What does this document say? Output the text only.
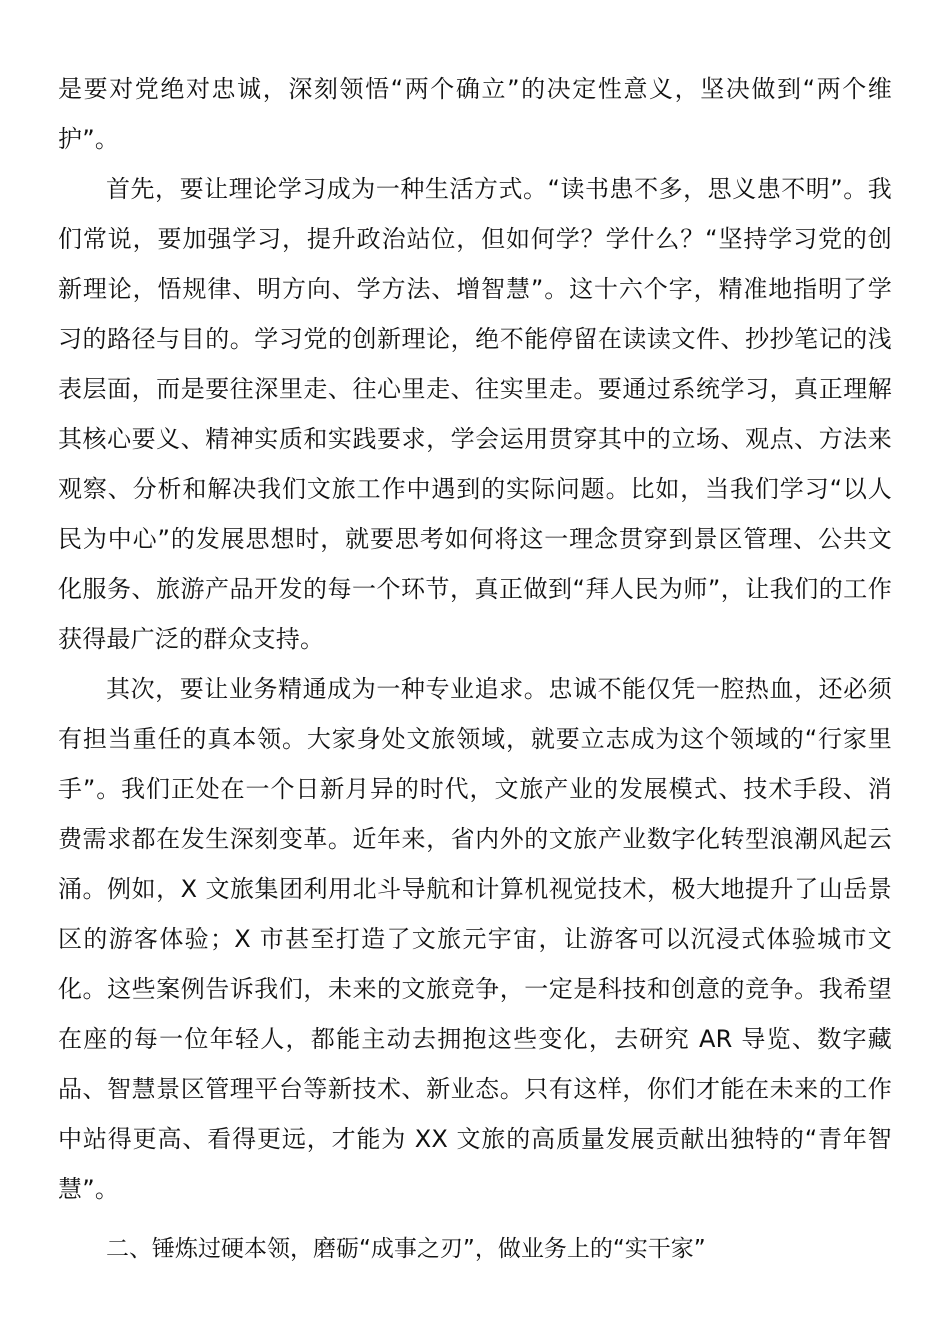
是要对党绝对忠诚，深刻领悟“两个确立”的决定性意义，坚决做到“两个维护”。

首先，要让理论学习成为一种生活方式。“读书患不多，思义患不明”。我们常说，要加强学习，提升政治站位，但如何学？学什么？“坚持学习党的创新理论，悟规律、明方向、学方法、增智慧”。这十六个字，精准地指明了学习的路径与目的。学习党的创新理论，绝不能停留在读读文件、抄抄笔记的浅表层面，而是要往深里走、往心里走、往实里走。要通过系统学习，真正理解其核心要义、精神实质和实践要求，学会运用贯穿其中的立场、观点、方法来观察、分析和解决我们文旅工作中遇到的实际问题。比如，当我们学习“以人民为中心”的发展思想时，就要思考如何将这一理念贯穿到景区管理、公共文化服务、旅游产品开发的每一个环节，真正做到“拜人民为师”，让我们的工作获得最广泛的群众支持。

其次，要让业务精通成为一种专业追求。忠诚不能仅凭一腔热血，还必须有担当重任的真本领。大家身处文旅领域，就要立志成为这个领域的“行家里手”。我们正处在一个日新月异的时代，文旅产业的发展模式、技术手段、消费需求都在发生深刻变革。近年来，省内外的文旅产业数字化转型浪潮风起云涌。例如，X 文旅集团利用北斗导航和计算机视觉技术，极大地提升了山岳景区的游客体验；X 市甚至打造了文旅元宇宙，让游客可以沉浸式体验城市文化。这些案例告诉我们，未来的文旅竞争，一定是科技和创意的竞争。我希望在座的每一位年轻人，都能主动去拥抱这些变化，去研究 AR 导览、数字藏品、智慧景区管理平台等新技术、新业态。只有这样，你们才能在未来的工作中站得更高、看得更远，才能为 XX 文旅的高质量发展贡献出独特的“青年智慧”。

二、锤炼过硬本领，磨砺“成事之刃”，做业务上的“实干家”
